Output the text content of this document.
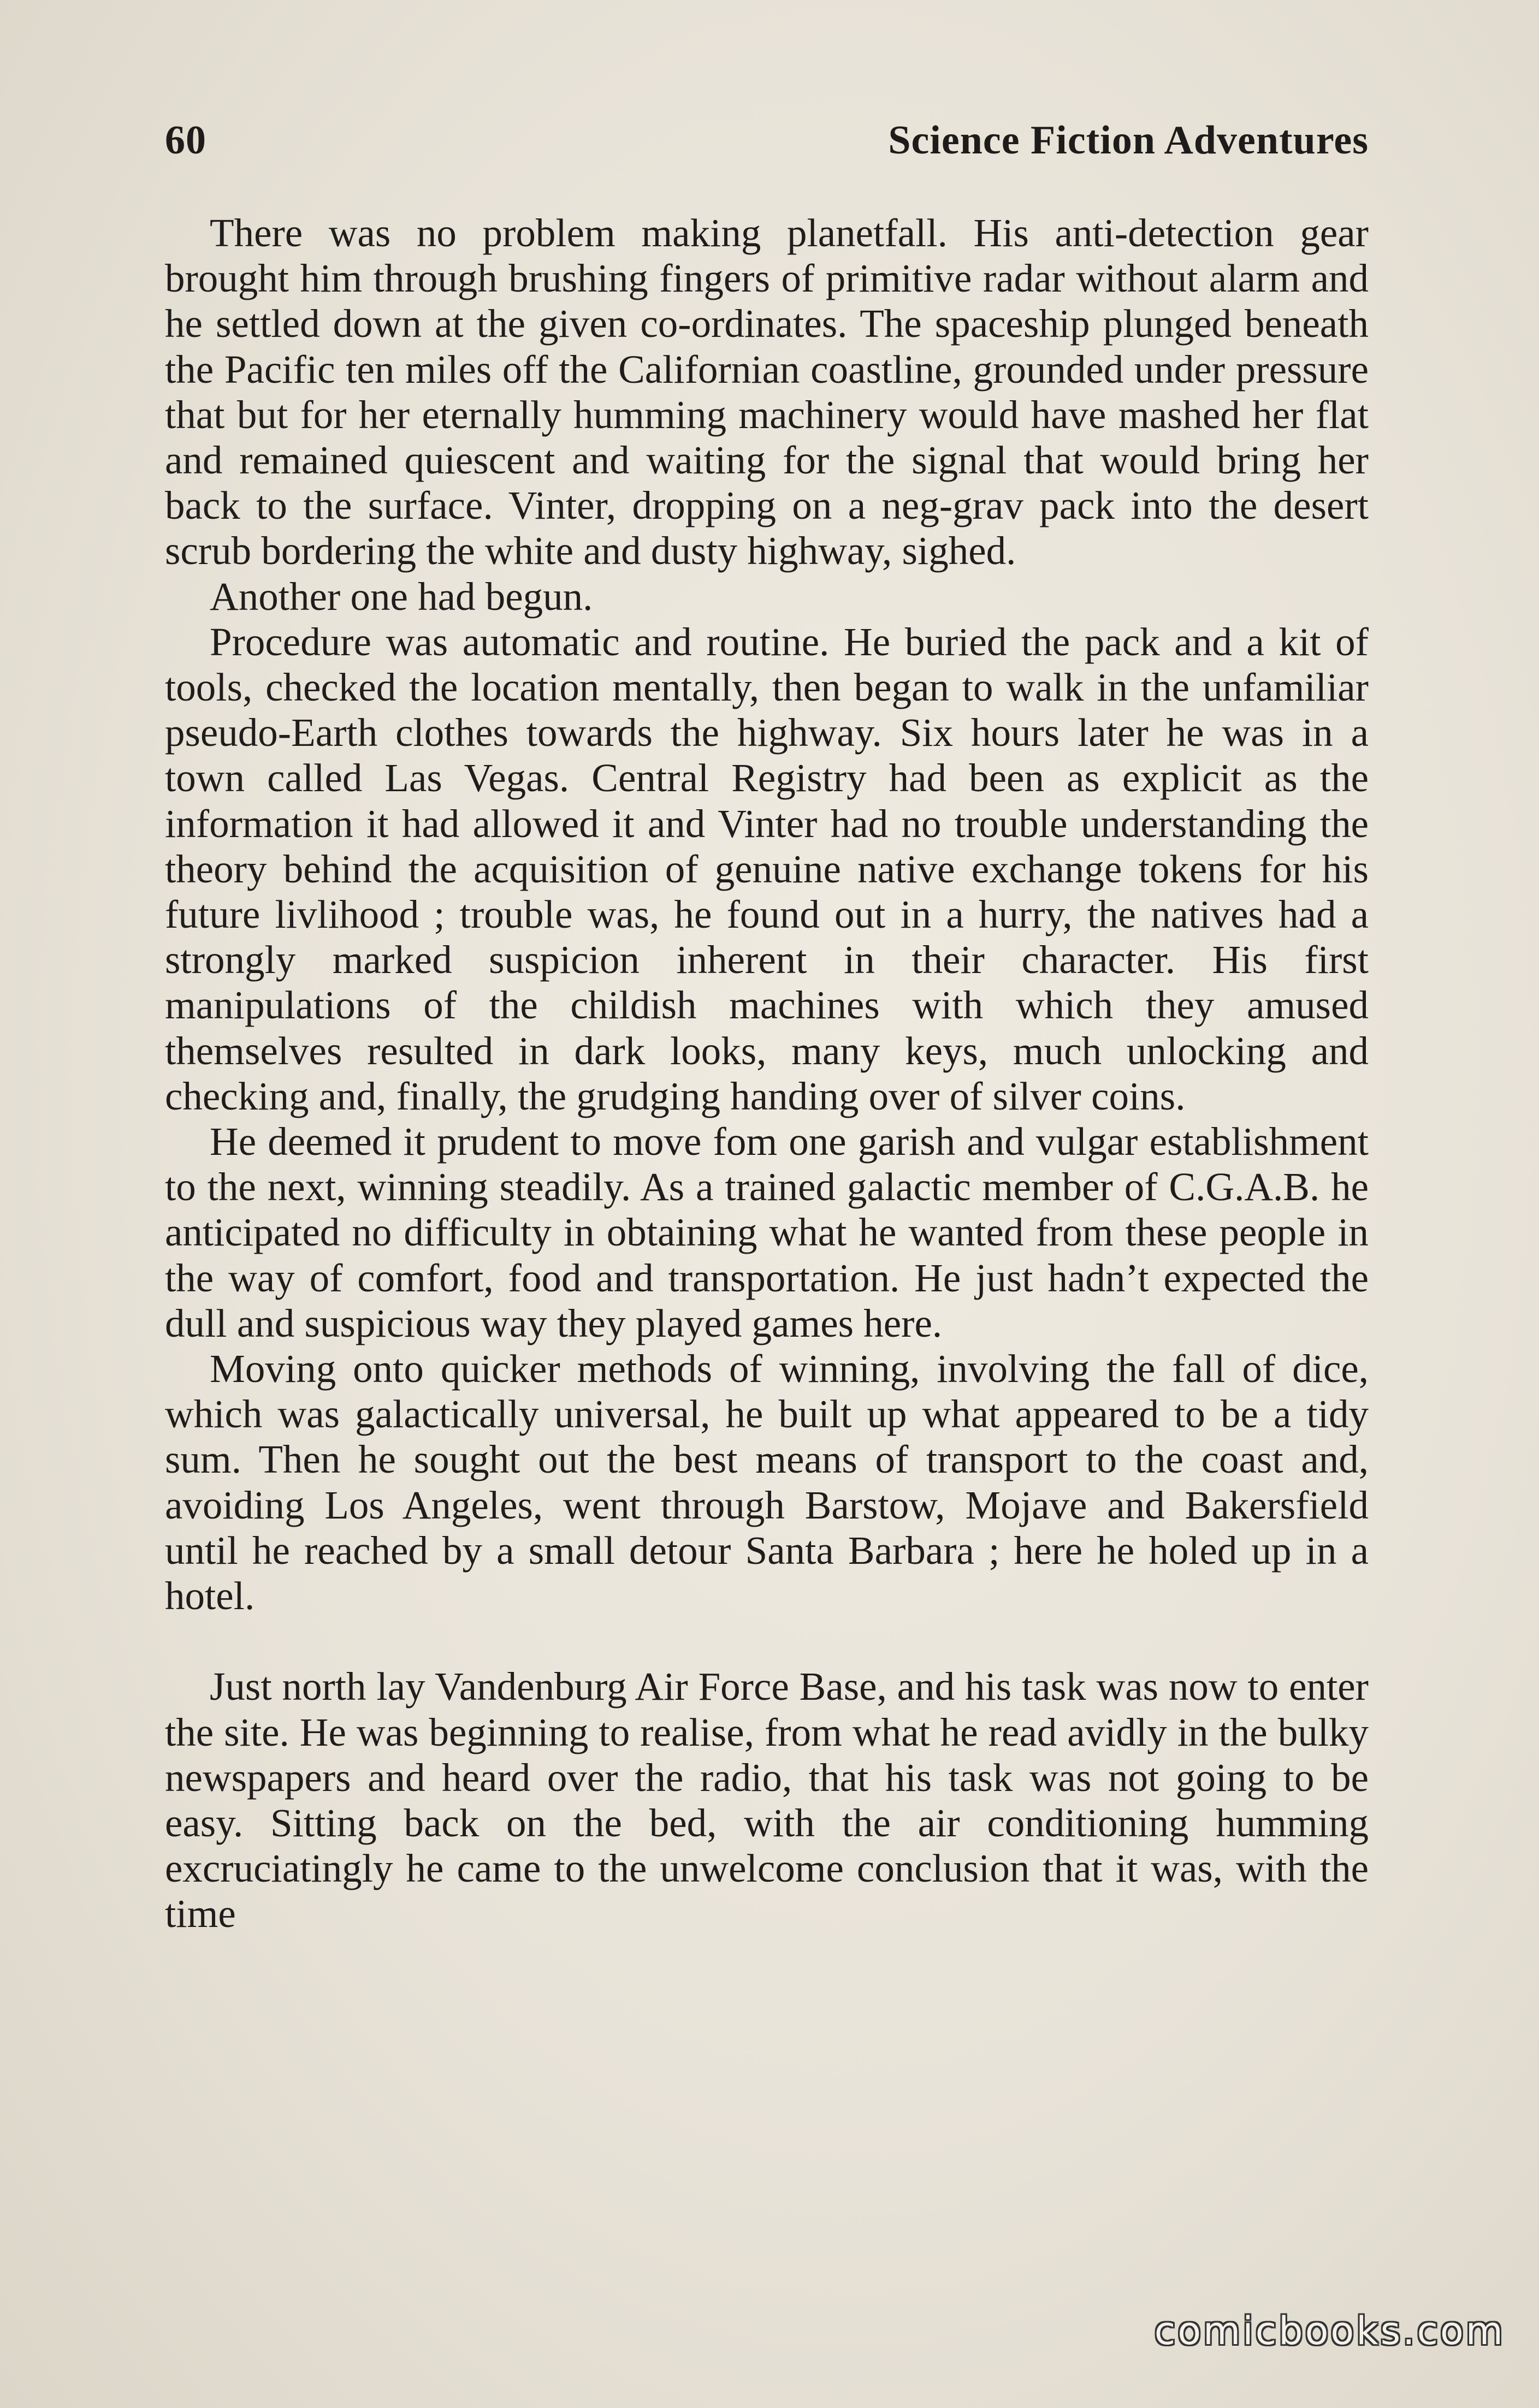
60	Science Fiction Adventures

There was no problem making planetfall. His anti-detection gear brought him through brushing fingers of primitive radar without alarm and he settled down at the given co-ordinates. The spaceship plunged beneath the Pacific ten miles off the Californian coastline, grounded under pressure that but for her eternally humming machinery would have mashed her flat and remained quiescent and waiting for the signal that would bring her back to the surface. Vinter, dropping on a neg-grav pack into the desert scrub bordering the white and dusty highway, sighed.

Another one had begun.

Procedure was automatic and routine. He buried the pack and a kit of tools, checked the location mentally, then began to walk in the unfamiliar pseudo-Earth clothes towards the highway. Six hours later he was in a town called Las Vegas. Central Registry had been as explicit as the information it had allowed it and Vinter had no trouble understanding the theory behind the acquisition of genuine native exchange tokens for his future livlihood ; trouble was, he found out in a hurry, the natives had a strongly marked suspicion inherent in their character. His first manipulations of the childish machines with which they amused themselves resulted in dark looks, many keys, much unlocking and checking and, finally, the grudging handing over of silver coins.

He deemed it prudent to move fom one garish and vulgar establishment to the next, winning steadily. As a trained galactic member of C.G.A.B. he anticipated no difficulty in obtaining what he wanted from these people in the way of comfort, food and transportation. He just hadn’t expected the dull and suspicious way they played games here.

Moving onto quicker methods of winning, involving the fall of dice, which was galactically universal, he built up what appeared to be a tidy sum. Then he sought out the best means of transport to the coast and, avoiding Los Angeles, went through Barstow, Mojave and Bakersfield until he reached by a small detour Santa Barbara ; here he holed up in a hotel.

Just north lay Vandenburg Air Force Base, and his task was now to enter the site. He was beginning to realise, from what he read avidly in the bulky newspapers and heard over the radio, that his task was not going to be easy. Sitting back on the bed, with the air conditioning humming excruciatingly he came to the unwelcome conclusion that it was, with the time

comicbooks.com
